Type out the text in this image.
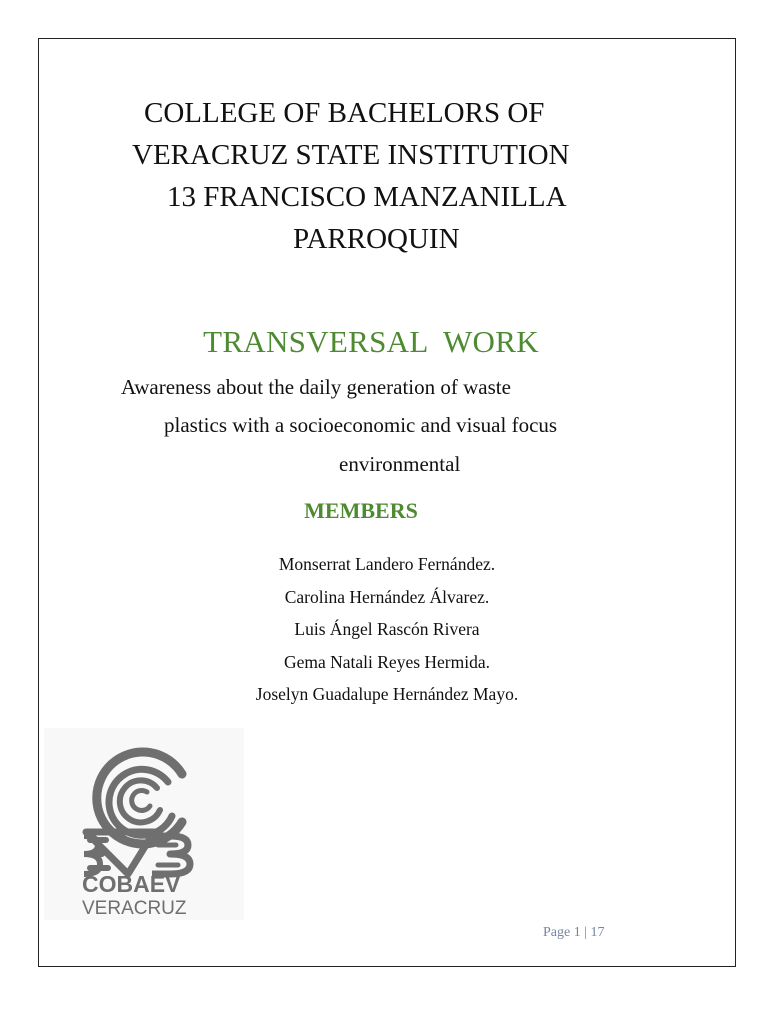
COLLEGE OF BACHELORS OF
VERACRUZ STATE INSTITUTION
13 FRANCISCO MANZANILLA
PARROQUIN
TRANSVERSAL  WORK
Awareness about the daily generation of waste
plastics with a socioeconomic and visual focus
environmental
MEMBERS
Monserrat Landero Fernández.
Carolina Hernández Álvarez.
Luis Ángel Rascón Rivera
Gema Natali Reyes Hermida.
Joselyn Guadalupe Hernández Mayo.
COBAEV
VERACRUZ
Page 1 | 17
